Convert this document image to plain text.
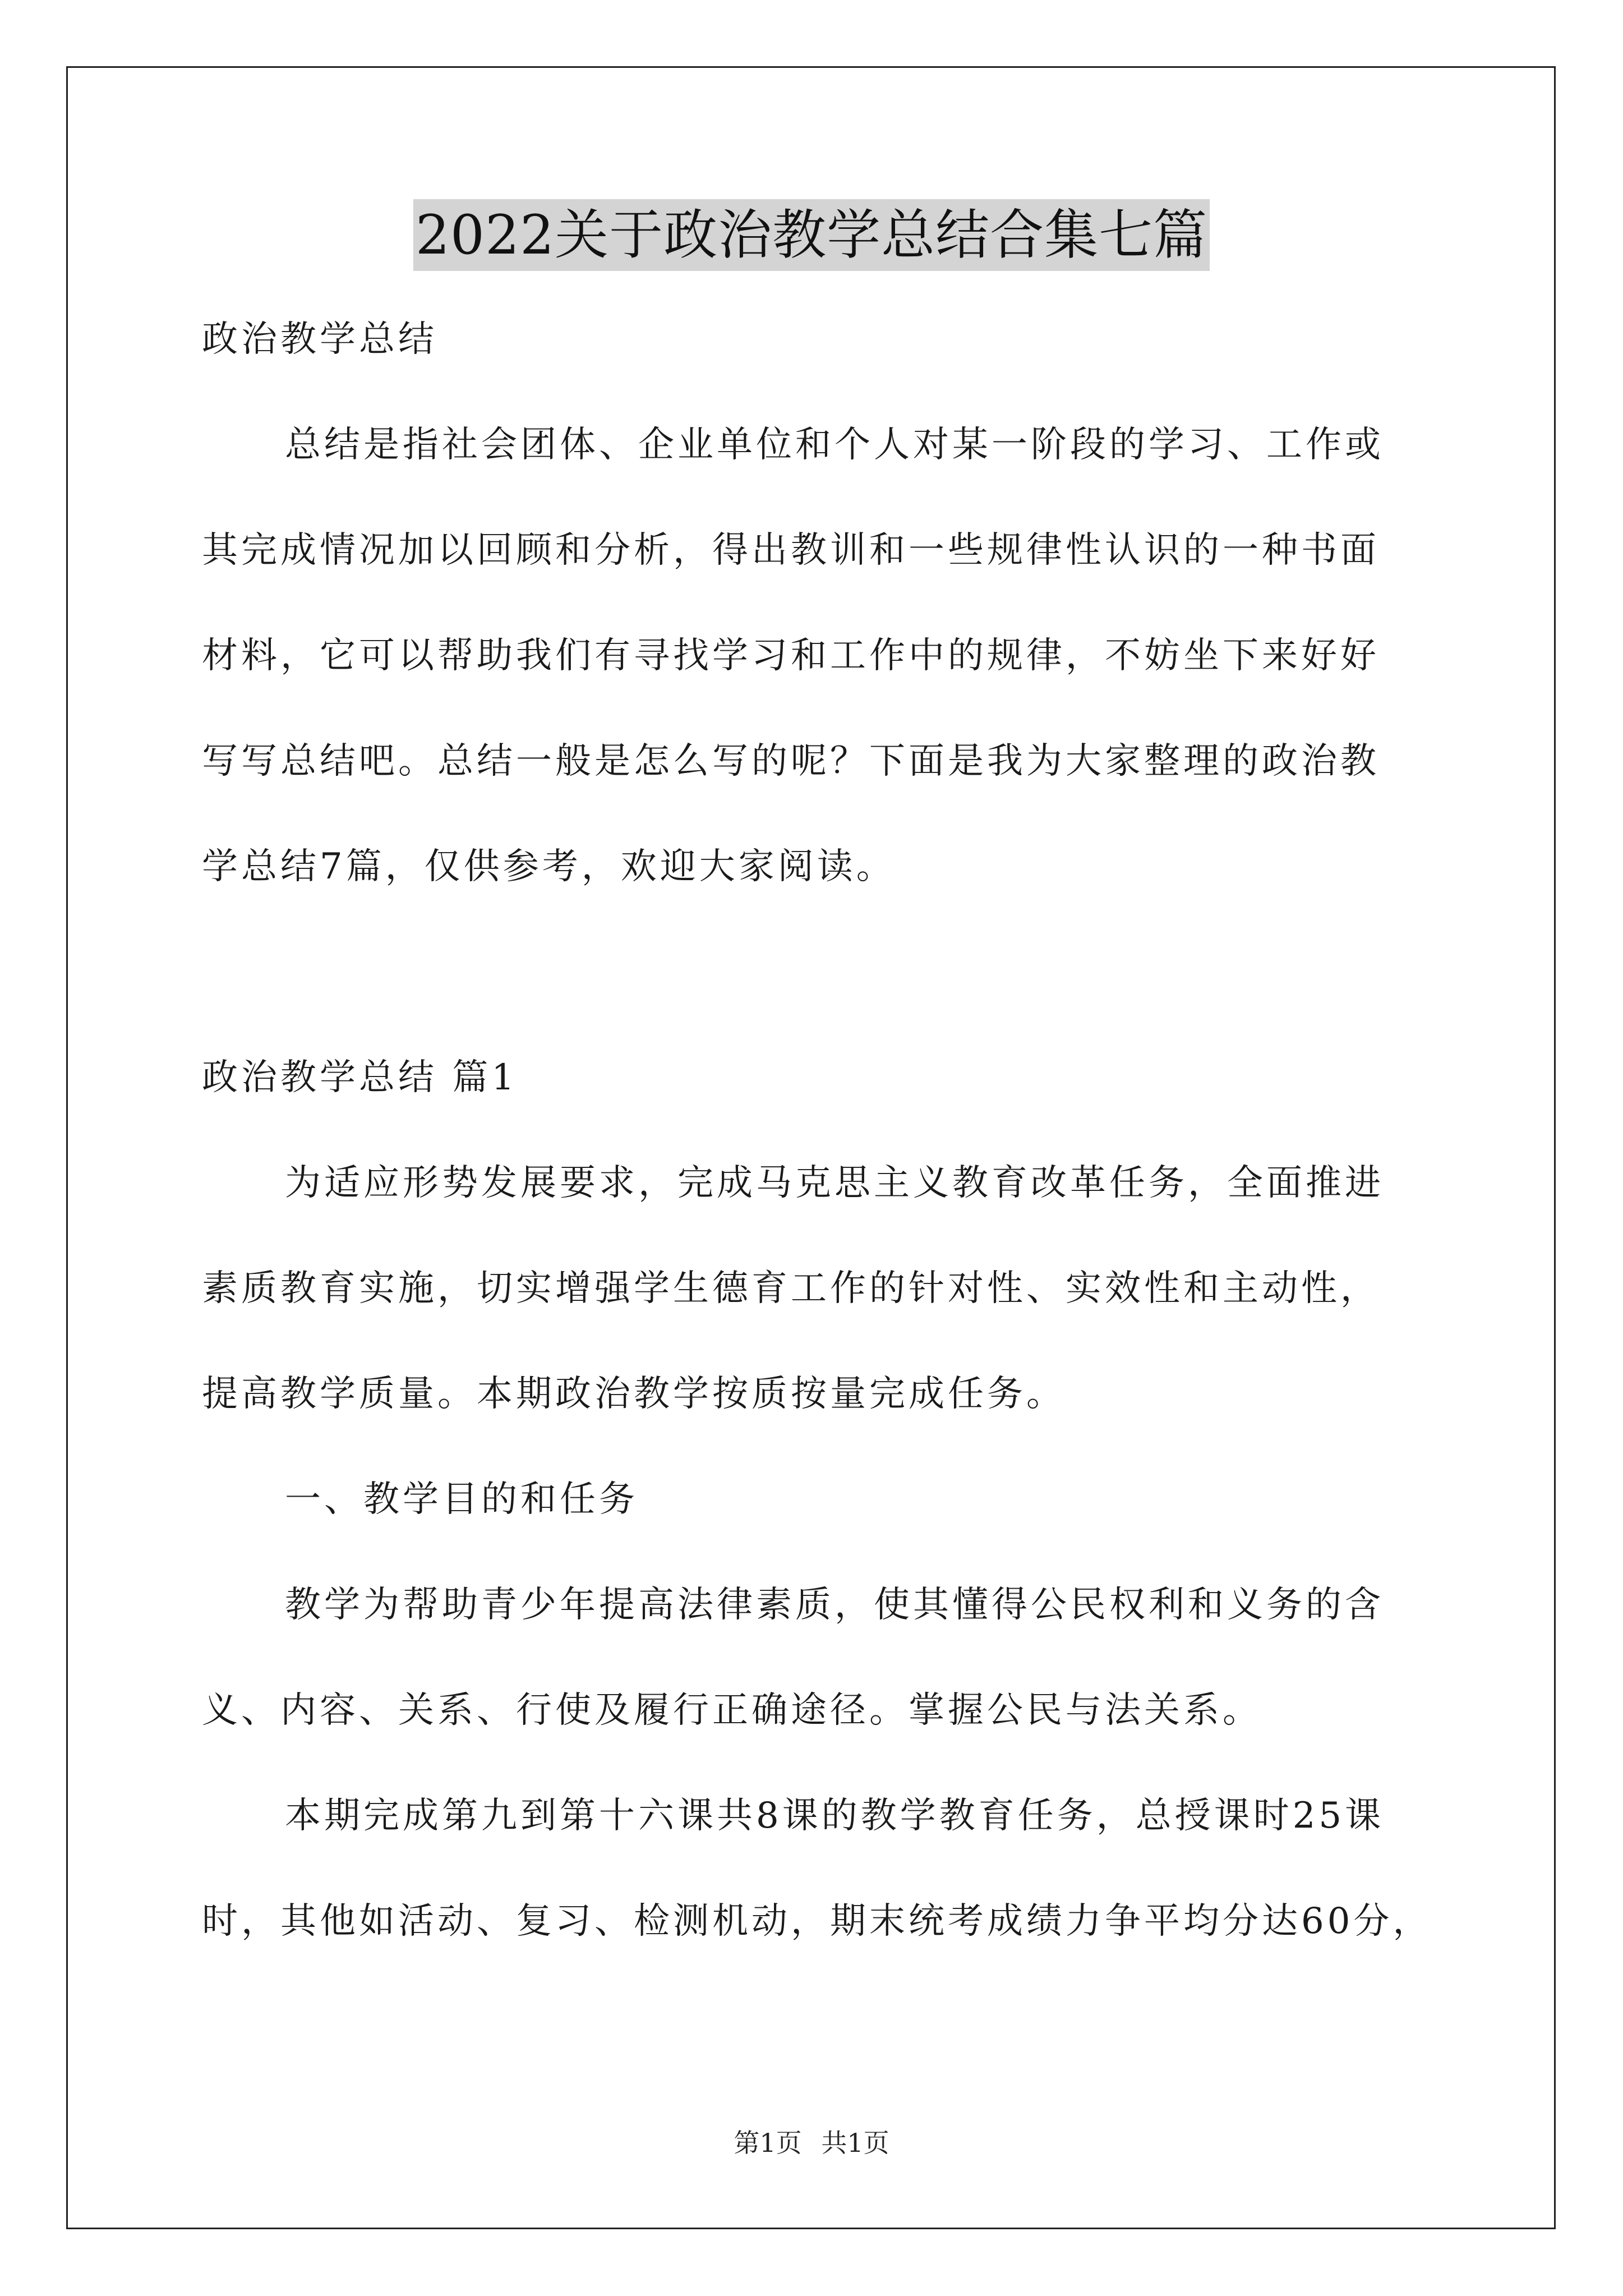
2022关于政治教学总结合集七篇
政治教学总结
总结是指社会团体、企业单位和个人对某一阶段的学习、工作或
其完成情况加以回顾和分析，得出教训和一些规律性认识的一种书面
材料，它可以帮助我们有寻找学习和工作中的规律，不妨坐下来好好
写写总结吧。总结一般是怎么写的呢？下面是我为大家整理的政治教
学总结7篇，仅供参考，欢迎大家阅读。
政治教学总结 篇1
为适应形势发展要求，完成马克思主义教育改革任务，全面推进
素质教育实施，切实增强学生德育工作的针对性、实效性和主动性，
提高教学质量。本期政治教学按质按量完成任务。
一、教学目的和任务
教学为帮助青少年提高法律素质，使其懂得公民权利和义务的含
义、内容、关系、行使及履行正确途径。掌握公民与法关系。
本期完成第九到第十六课共8课的教学教育任务，总授课时25课
时，其他如活动、复习、检测机动，期末统考成绩力争平均分达60分，
第1页 共1页
